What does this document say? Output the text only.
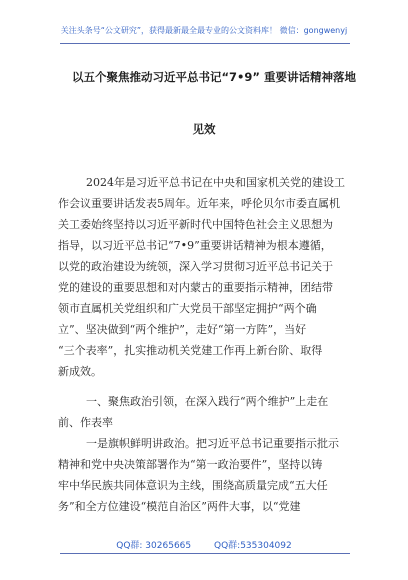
关注头条号“公文研究”，获得最新最全最专业的公文资料库！ 微信：gongwenyj
以五个聚焦推动习近平总书记“7•9” 重要讲话精神落地
见效
2024年是习近平总书记在中央和国家机关党的建设工
作会议重要讲话发表5周年。近年来，呼伦贝尔市委直属机
关工委始终坚持以习近平新时代中国特色社会主义思想为
指导，以习近平总书记“7•9”重要讲话精神为根本遵循，
以党的政治建设为统领，深入学习贯彻习近平总书记关于
党的建设的重要思想和对内蒙古的重要指示精神，团结带
领市直属机关党组织和广大党员干部坚定拥护“两个确
立”、坚决做到“两个维护”，走好“第一方阵”，当好
“三个表率”，扎实推动机关党建工作再上新台阶、取得
新成效。
一、聚焦政治引领，在深入践行“两个维护”上走在
前、作表率
一是旗帜鲜明讲政治。把习近平总书记重要指示批示
精神和党中央决策部署作为“第一政治要件”，坚持以铸
牢中华民族共同体意识为主线，围绕高质量完成“五大任
务”和全方位建设“模范自治区”两件大事，以“党建
QQ群: 30265665	QQ群:535304092
